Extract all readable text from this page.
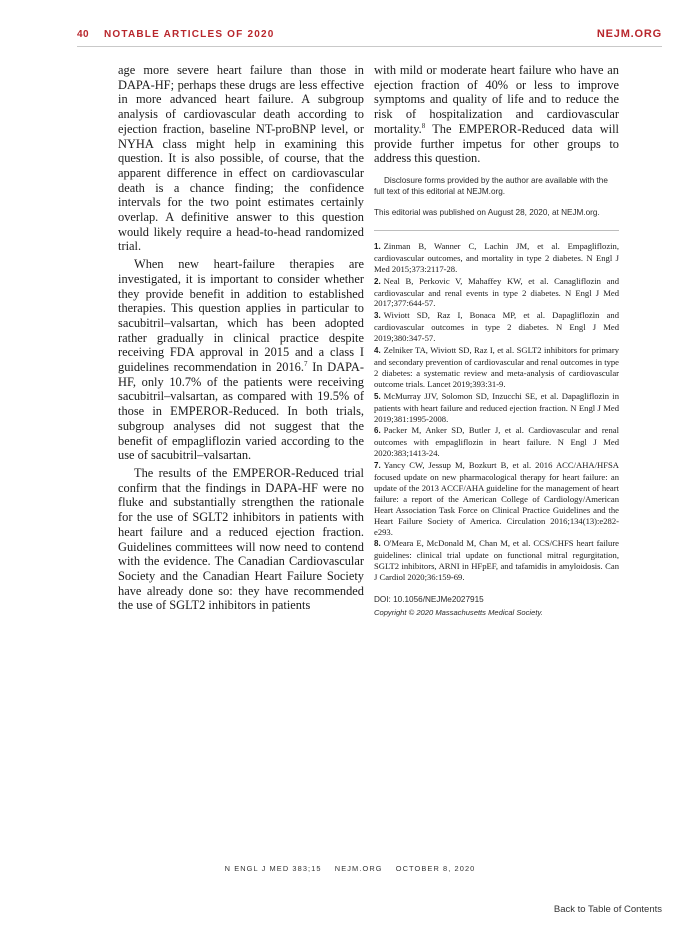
40 NOTABLE ARTICLES OF 2020	NEJM.ORG

age more severe heart failure than those in DAPA-HF; perhaps these drugs are less effective in more advanced heart failure. A subgroup analysis of cardiovascular death according to ejection fraction, baseline NT-proBNP level, or NYHA class might help in examining this question. It is also possible, of course, that the apparent difference in effect on cardiovascular death is a chance finding; the confidence intervals for the two point estimates certainly overlap. A definitive answer to this question would likely require a head-to-head randomized trial.

When new heart-failure therapies are investigated, it is important to consider whether they provide benefit in addition to established therapies. This question applies in particular to sacubitril–valsartan, which has been adopted rather gradually in clinical practice despite receiving FDA approval in 2015 and a class I guidelines recommendation in 2016.$^7$ In DAPA-HF, only 10.7% of the patients were receiving sacubitril–valsartan, as compared with 19.5% of those in EMPEROR-Reduced. In both trials, subgroup analyses did not suggest that the benefit of empagliflozin varied according to the use of sacubitril–valsartan.

The results of the EMPEROR-Reduced trial confirm that the findings in DAPA-HF were no fluke and substantially strengthen the rationale for the use of SGLT2 inhibitors in patients with heart failure and a reduced ejection fraction. Guidelines committees will now need to contend with the evidence. The Canadian Cardiovascular Society and the Canadian Heart Failure Society have already done so: they have recommended the use of SGLT2 inhibitors in patients

with mild or moderate heart failure who have an ejection fraction of 40% or less to improve symptoms and quality of life and to reduce the risk of hospitalization and cardiovascular mortality.$^8$ The EMPEROR-Reduced data will provide further impetus for other groups to address this question.

Disclosure forms provided by the author are available with the full text of this editorial at NEJM.org.

This editorial was published on August 28, 2020, at NEJM.org.

1. Zinman B, Wanner C, Lachin JM, et al. Empagliflozin, cardiovascular outcomes, and mortality in type 2 diabetes. N Engl J Med 2015;373:2117-28.
2. Neal B, Perkovic V, Mahaffey KW, et al. Canagliflozin and cardiovascular and renal events in type 2 diabetes. N Engl J Med 2017;377:644-57.
3. Wiviott SD, Raz I, Bonaca MP, et al. Dapagliflozin and cardiovascular outcomes in type 2 diabetes. N Engl J Med 2019;380:347-57.
4. Zelniker TA, Wiviott SD, Raz I, et al. SGLT2 inhibitors for primary and secondary prevention of cardiovascular and renal outcomes in type 2 diabetes: a systematic review and meta-analysis of cardiovascular outcome trials. Lancet 2019;393:31-9.
5. McMurray JJV, Solomon SD, Inzucchi SE, et al. Dapagliflozin in patients with heart failure and reduced ejection fraction. N Engl J Med 2019;381:1995-2008.
6. Packer M, Anker SD, Butler J, et al. Cardiovascular and renal outcomes with empagliflozin in heart failure. N Engl J Med 2020:383;1413-24.
7. Yancy CW, Jessup M, Bozkurt B, et al. 2016 ACC/AHA/HFSA focused update on new pharmacological therapy for heart failure: an update of the 2013 ACCF/AHA guideline for the management of heart failure: a report of the American College of Cardiology/American Heart Association Task Force on Clinical Practice Guidelines and the Heart Failure Society of America. Circulation 2016;134(13):e282-e293.
8. O'Meara E, McDonald M, Chan M, et al. CCS/CHFS heart failure guidelines: clinical trial update on functional mitral regurgitation, SGLT2 inhibitors, ARNI in HFpEF, and tafamidis in amyloidosis. Can J Cardiol 2020;36:159-69.

DOI: 10.1056/NEJMe2027915

Copyright © 2020 Massachusetts Medical Society.

N ENGL J MED 383;15 NEJM.ORG OCTOBER 8, 2020
Back to Table of Contents
